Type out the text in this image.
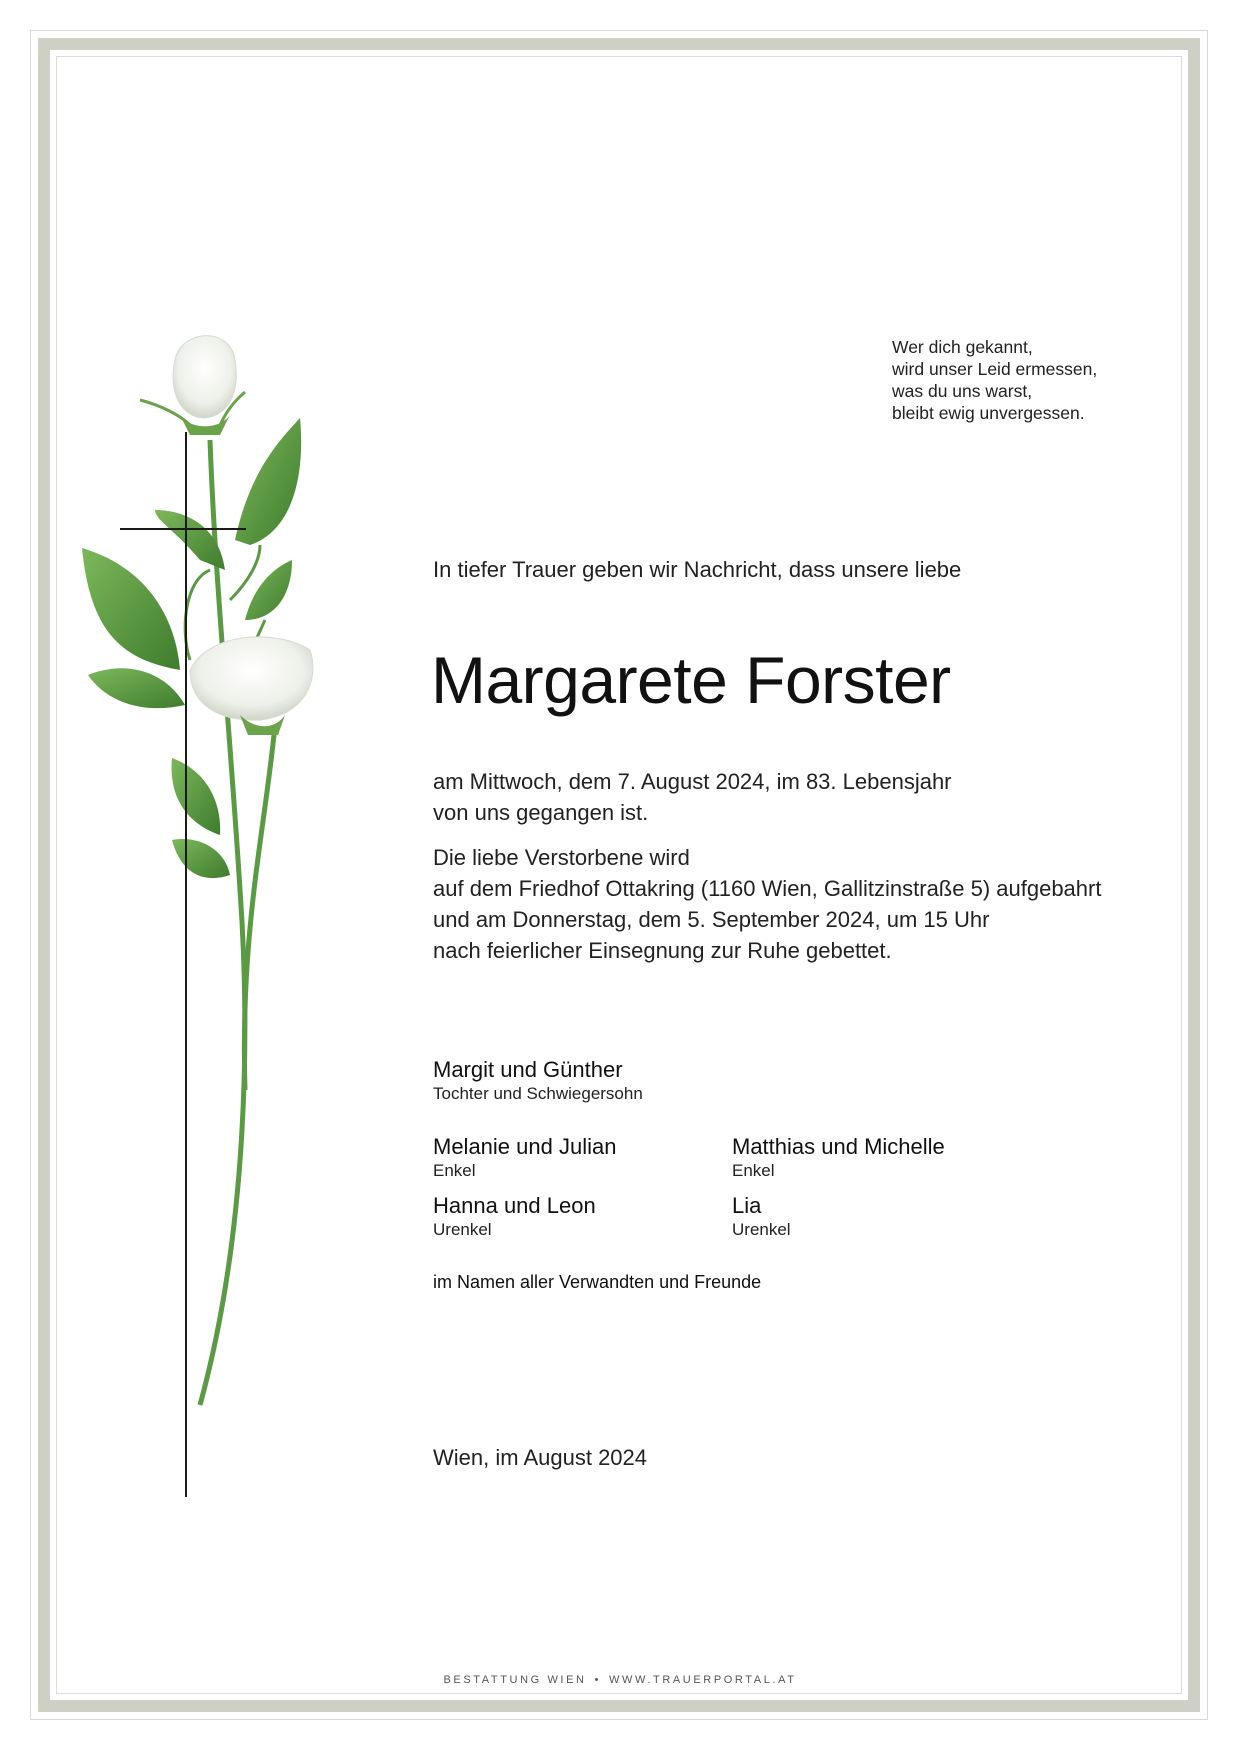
Wer dich gekannt,
wird unser Leid ermessen,
was du uns warst,
bleibt ewig unvergessen.
In tiefer Trauer geben wir Nachricht, dass unsere liebe
Margarete Forster
am Mittwoch, dem 7. August 2024, im 83. Lebensjahr
von uns gegangen ist.
Die liebe Verstorbene wird
auf dem Friedhof Ottakring (1160 Wien, Gallitzinstraße 5) aufgebahrt
und am Donnerstag, dem 5. September 2024, um 15 Uhr
nach feierlicher Einsegnung zur Ruhe gebettet.
Margit und Günther
Tochter und Schwiegersohn
Melanie und Julian
Enkel
Matthias und Michelle
Enkel
Hanna und Leon
Urenkel
Lia
Urenkel
im Namen aller Verwandten und Freunde
Wien, im August 2024
BESTATTUNG WIEN • WWW.TRAUERPORTAL.AT
